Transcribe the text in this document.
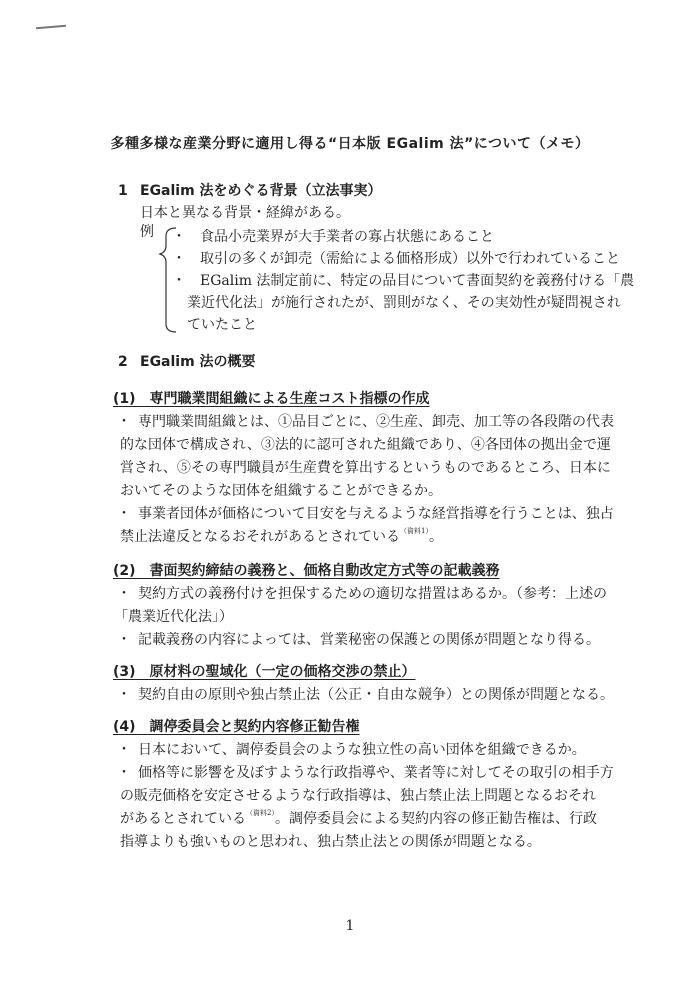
多種多様な産業分野に適用し得る“日本版 EGalim 法”について（メモ）
1 EGalim 法をめぐる背景（立法事実）
日本と異なる背景・経緯がある。
例 ・　食品小売業界が大手業者の寡占状態にあること
・　取引の多くが卸売（需給による価格形成）以外で行われていること
・　EGalim 法制定前に、特定の品目について書面契約を義務付ける「農
業近代化法」が施行されたが、罰則がなく、その実効性が疑問視され
ていたこと
2 EGalim 法の概要
(1)　専門職業間組織による生産コスト指標の作成
・ 専門職業間組織とは、①品目ごとに、②生産、卸売、加工等の各段階の代表
的な団体で構成され、③法的に認可された組織であり、④各団体の拠出金で運
営され、⑤その専門職員が生産費を算出するというものであるところ、日本に
おいてそのような団体を組織することができるか。
・ 事業者団体が価格について目安を与えるような経営指導を行うことは、独占
禁止法違反となるおそれがあるとされている$^{(資料1)}$。
(2)　書面契約締結の義務と、価格自動改定方式等の記載義務
・ 契約方式の義務付けを担保するための適切な措置はあるか。（参考：上述の
「農業近代化法」）
・ 記載義務の内容によっては、営業秘密の保護との関係が問題となり得る。
(3)　原材料の聖域化（一定の価格交渉の禁止）
・ 契約自由の原則や独占禁止法（公正・自由な競争）との関係が問題となる。
(4)　調停委員会と契約内容修正勧告権
・ 日本において、調停委員会のような独立性の高い団体を組織できるか。
・ 価格等に影響を及ぼすような行政指導や、業者等に対してその取引の相手方
の販売価格を安定させるような行政指導は、独占禁止法上問題となるおそれ
があるとされている$^{(資料2)}$。調停委員会による契約内容の修正勧告権は、行政
指導よりも強いものと思われ、独占禁止法との関係が問題となる。
1
